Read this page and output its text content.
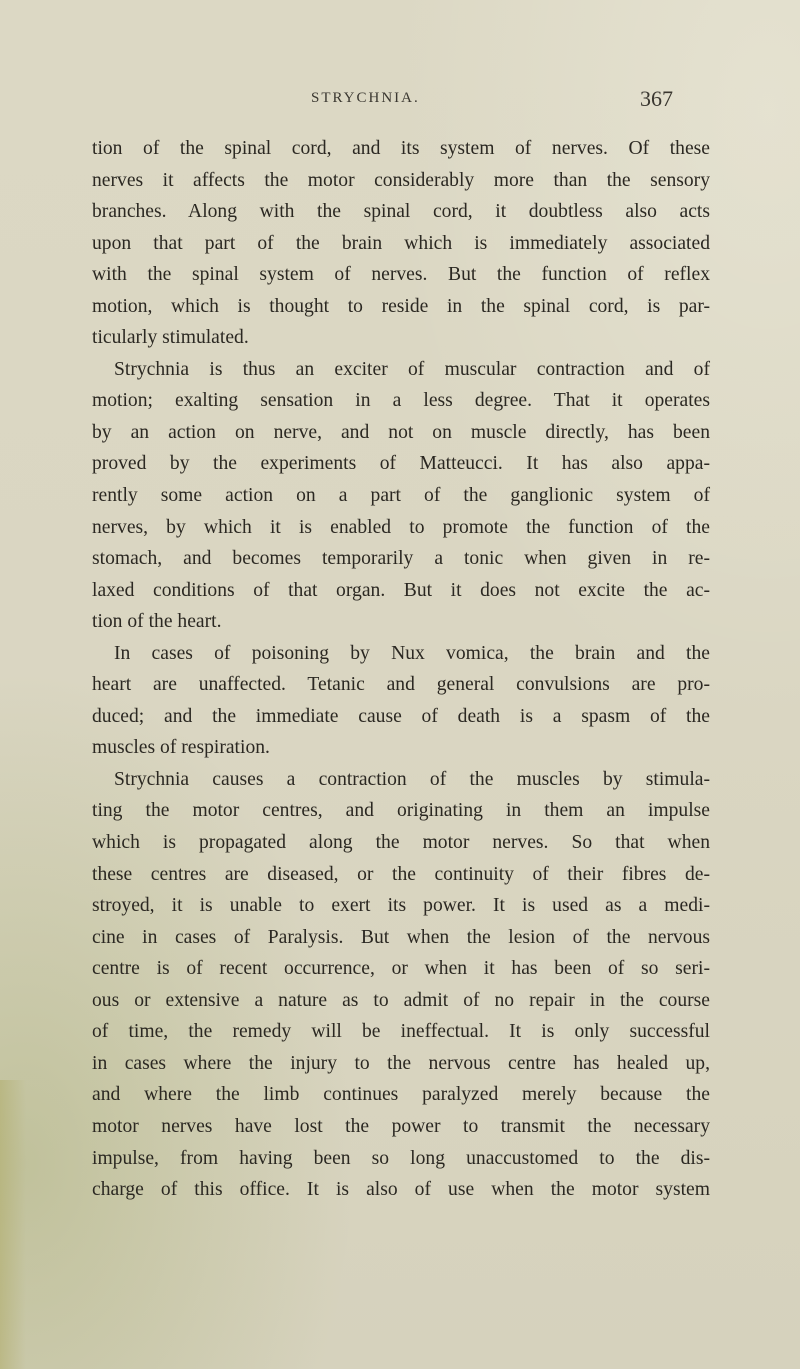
STRYCHNIA.	367
tion of the spinal cord, and its system of nerves. Of these
nerves it affects the motor considerably more than the sensory
branches. Along with the spinal cord, it doubtless also acts
upon that part of the brain which is immediately associated
with the spinal system of nerves. But the function of reflex
motion, which is thought to reside in the spinal cord, is par-
ticularly stimulated.
Strychnia is thus an exciter of muscular contraction and of
motion; exalting sensation in a less degree. That it operates
by an action on nerve, and not on muscle directly, has been
proved by the experiments of Matteucci. It has also appa-
rently some action on a part of the ganglionic system of
nerves, by which it is enabled to promote the function of the
stomach, and becomes temporarily a tonic when given in re-
laxed conditions of that organ. But it does not excite the ac-
tion of the heart.
In cases of poisoning by Nux vomica, the brain and the
heart are unaffected. Tetanic and general convulsions are pro-
duced; and the immediate cause of death is a spasm of the
muscles of respiration.
Strychnia causes a contraction of the muscles by stimula-
ting the motor centres, and originating in them an impulse
which is propagated along the motor nerves. So that when
these centres are diseased, or the continuity of their fibres de-
stroyed, it is unable to exert its power. It is used as a medi-
cine in cases of Paralysis. But when the lesion of the nervous
centre is of recent occurrence, or when it has been of so seri-
ous or extensive a nature as to admit of no repair in the course
of time, the remedy will be ineffectual. It is only successful
in cases where the injury to the nervous centre has healed up,
and where the limb continues paralyzed merely because the
motor nerves have lost the power to transmit the necessary
impulse, from having been so long unaccustomed to the dis-
charge of this office. It is also of use when the motor system
